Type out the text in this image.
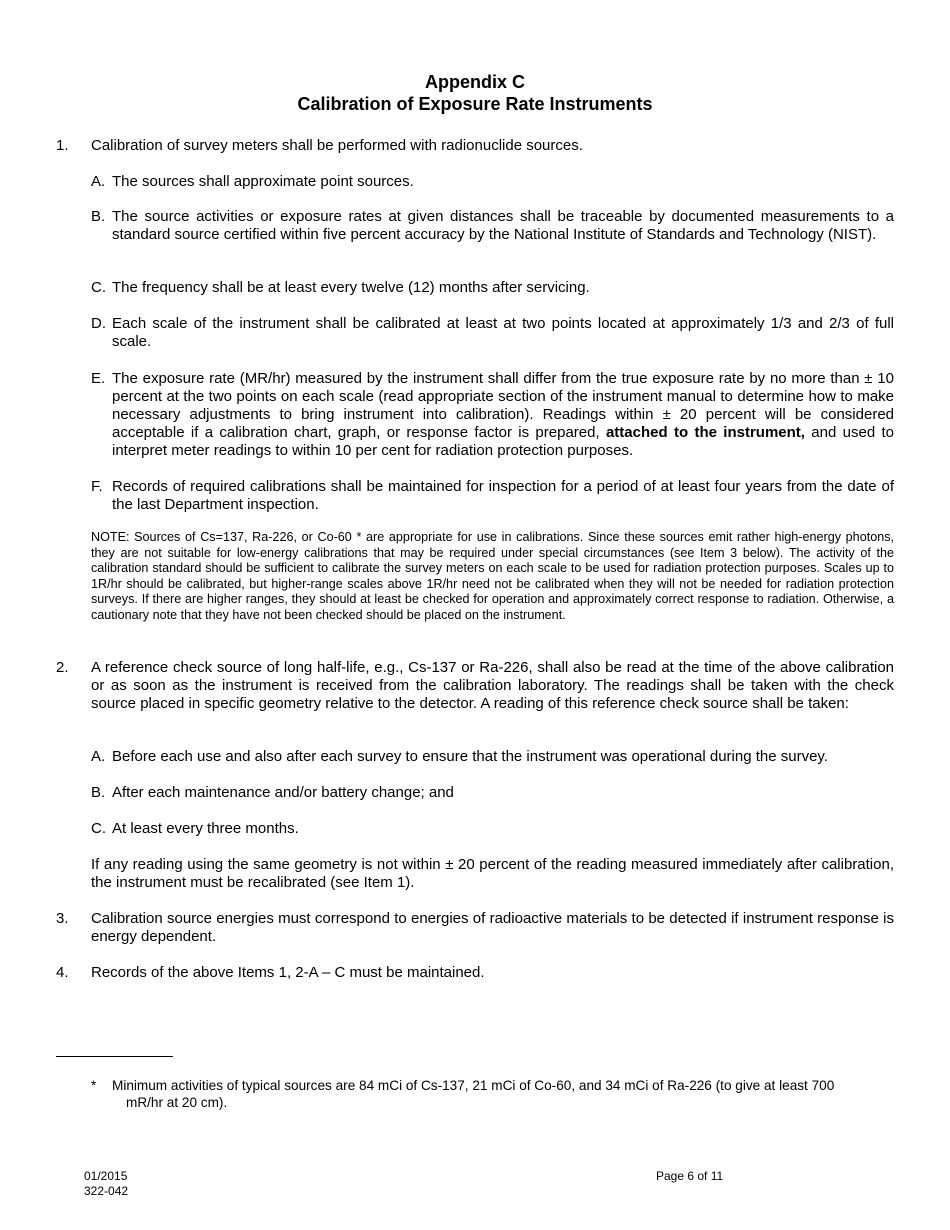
Appendix C
Calibration of Exposure Rate Instruments
1. Calibration of survey meters shall be performed with radionuclide sources.
A. The sources shall approximate point sources.
B. The source activities or exposure rates at given distances shall be traceable by documented measurements to a standard source certified within five percent accuracy by the National Institute of Standards and Technology (NIST).
C. The frequency shall be at least every twelve (12) months after servicing.
D. Each scale of the instrument shall be calibrated at least at two points located at approximately 1/3 and 2/3 of full scale.
E. The exposure rate (MR/hr) measured by the instrument shall differ from the true exposure rate by no more than ± 10 percent at the two points on each scale (read appropriate section of the instrument manual to determine how to make necessary adjustments to bring instrument into calibration). Readings within ± 20 percent will be considered acceptable if a calibration chart, graph, or response factor is prepared, attached to the instrument, and used to interpret meter readings to within 10 per cent for radiation protection purposes.
F. Records of required calibrations shall be maintained for inspection for a period of at least four years from the date of the last Department inspection.
NOTE: Sources of Cs=137, Ra-226, or Co-60 * are appropriate for use in calibrations. Since these sources emit rather high-energy photons, they are not suitable for low-energy calibrations that may be required under special circumstances (see Item 3 below). The activity of the calibration standard should be sufficient to calibrate the survey meters on each scale to be used for radiation protection purposes. Scales up to 1R/hr should be calibrated, but higher-range scales above 1R/hr need not be calibrated when they will not be needed for radiation protection surveys. If there are higher ranges, they should at least be checked for operation and approximately correct response to radiation. Otherwise, a cautionary note that they have not been checked should be placed on the instrument.
2. A reference check source of long half-life, e.g., Cs-137 or Ra-226, shall also be read at the time of the above calibration or as soon as the instrument is received from the calibration laboratory. The readings shall be taken with the check source placed in specific geometry relative to the detector. A reading of this reference check source shall be taken:
A. Before each use and also after each survey to ensure that the instrument was operational during the survey.
B. After each maintenance and/or battery change; and
C. At least every three months.
If any reading using the same geometry is not within ± 20 percent of the reading measured immediately after calibration, the instrument must be recalibrated (see Item 1).
3. Calibration source energies must correspond to energies of radioactive materials to be detected if instrument response is energy dependent.
4. Records of the above Items 1, 2-A – C must be maintained.
*	Minimum activities of typical sources are 84 mCi of Cs-137, 21 mCi of Co-60, and 34 mCi of Ra-226 (to give at least 700
mR/hr at 20 cm).
01/2015
322-042
Page 6 of 11
